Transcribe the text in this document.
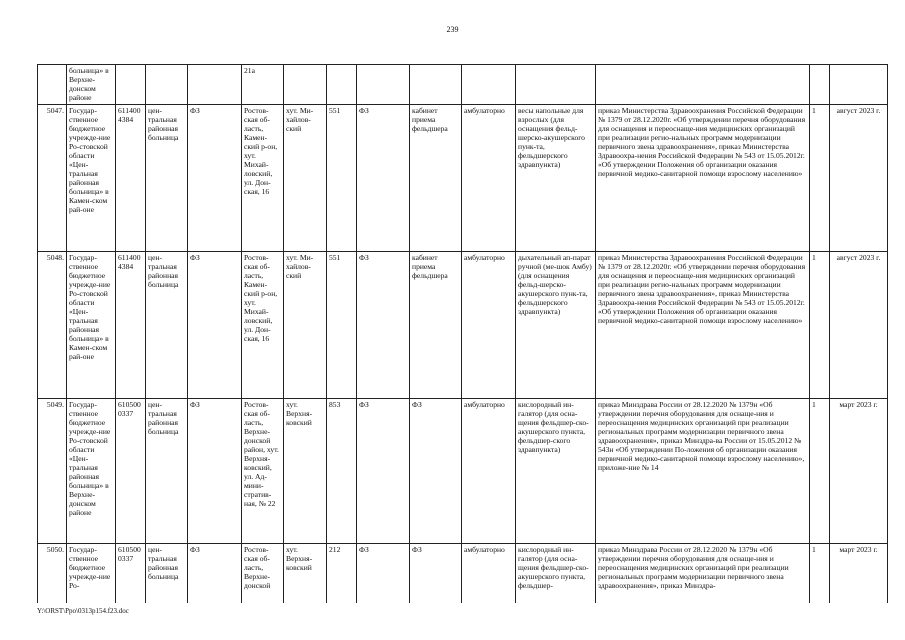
239
	больница» в Верхне-донском районе				21а									
5047.	Государ-ственное бюджетное учрежде-ние Ро-стовской области «Цен-тральная районная больница» в Камен-ском рай-оне	611400 4384	цен-тральная районная больница	ФЗ	Ростов-ская об-ласть, Камен-ский р-он, хут. Михай-ловский, ул. Дон-ская, 16	хут. Ми-хайлов-ский	551	ФЗ	кабинет приема фельдшера	амбулаторно	весы напольные для взрослых (для оснащения фельд-шерско-акушерского пунк-та, фельдшерского здравпункта)	приказ Министерства Здравоохранения Российской Федерации № 1379 от 28.12.2020г. «Об утверждении перечня оборудования для оснащения и переоснаще-ния медицинских организаций при реализации регио-нальных программ модернизации первичного звена здравоохранения», приказ Министерства Здравоохра-нения Российской Федерации № 543 от 15.05.2012г. «Об утверждении Положения об организации оказания первичной медико-санитарной помощи взрослому населению»	1	август 2023 г.
5048.	Государ-ственное бюджетное учрежде-ние Ро-стовской области «Цен-тральная районная больница» в Камен-ском рай-оне	611400 4384	цен-тральная районная больница	ФЗ	Ростов-ская об-ласть, Камен-ский р-он, хут. Михай-ловский, ул. Дон-ская, 16	хут. Ми-хайлов-ский	551	ФЗ	кабинет приема фельдшера	амбулаторно	дыхательный ап-парат ручной (ме-шок Амбу) (для оснащения фельд-шерско-акушерского пунк-та, фельдшерского здравпункта)	приказ Министерства Здравоохранения Российской Федерации № 1379 от 28.12.2020г. «Об утверждении перечня оборудования для оснащения и переоснаще-ния медицинских организаций при реализации регио-нальных программ модернизации первичного звена здравоохранения», приказ Министерства Здравоохра-нения Российской Федерации № 543 от 15.05.2012г. «Об утверждении Положения об организации оказания первичной медико-санитарной помощи взрослому населению»	1	август 2023 г.
5049.	Государ-ственное бюджетное учрежде-ние Ро-стовской области «Цен-тральная районная больница» в Верхне-донском районе	610500 0337	цен-тральная районная больница	ФЗ	Ростов-ская об-ласть, Верхне-донской район, хут. Верхня-ковский, ул. Ад-мини-стратив-ная, № 22	хут. Верхня-ковский	853	ФЗ	ФЗ	амбулаторно	кислородный ин-галятор (для осна-щения фельдшер-ско-акушерского пункта, фельдшер-ского здравпункта)	приказ Минздрава России от 28.12.2020 № 1379н «Об утверждении перечня оборудования для оснаще-ния и переоснащения медицинских организаций при реализации региональных программ модернизации первичного звена здравоохранения», приказ Минздра-ва России от 15.05.2012 № 543н «Об утверждении По-ложения об организации оказания первичной медико-санитарной помощи взрослому населению», приложе-ние № 14	1	март 2023 г.
5050.	Государ-ственное бюджетное учрежде-ние Ро-	610500 0337	цен-тральная районная больница	ФЗ	Ростов-ская об-ласть, Верхне-донской	хут. Верхня-ковский	212	ФЗ	ФЗ	амбулаторно	кислородный ин-галятор (для осна-щения фельдшер-ско-акушерского пункта, фельдшер-	приказ Минздрава России от 28.12.2020 № 1379н «Об утверждении перечня оборудования для оснаще-ния и переоснащения медицинских организаций при реализации региональных программ модернизации первичного звена здравоохранения», приказ Минздра-	1	март 2023 г.
Y:\ORST\Ppo\0313p154.f23.doc
